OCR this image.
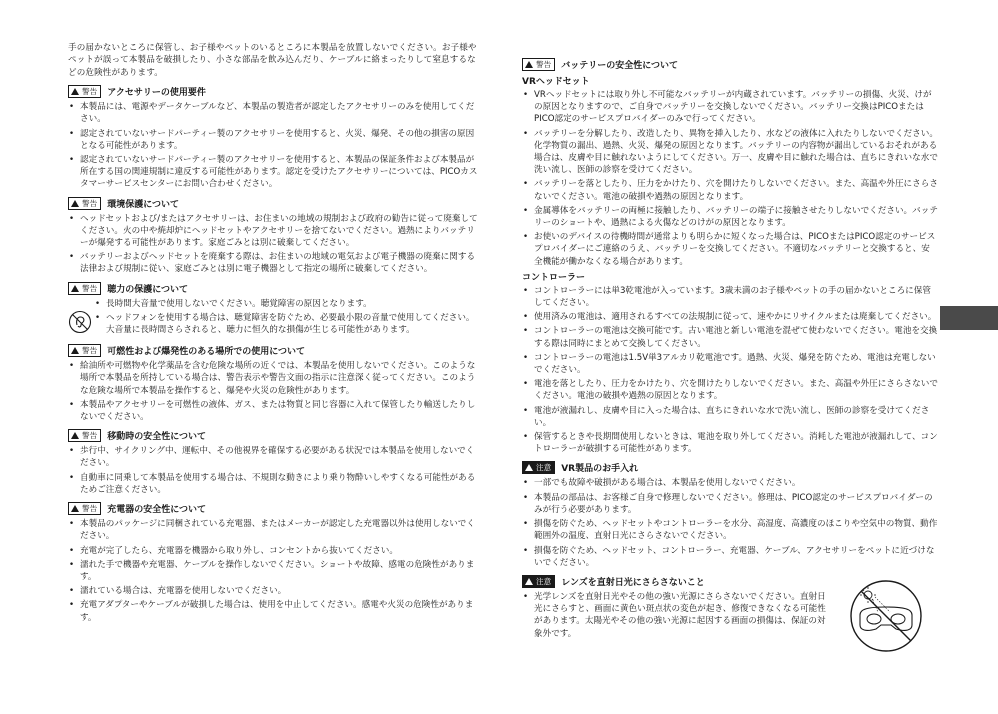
手の届かないところに保管し、お子様やペットのいるところに本製品を放置しないでください。お子様やペットが誤って本製品を破損したり、小さな部品を飲み込んだり、ケーブルに絡まったりして窒息するなどの危険性があります。

警告 アクセサリーの使用要件
• 本製品には、電源やデータケーブルなど、本製品の製造者が認定したアクセサリーのみを使用してください。
• 認定されていないサードパーティー製のアクセサリーを使用すると、火災、爆発、その他の損害の原因となる可能性があります。
• 認定されていないサードパーティー製のアクセサリーを使用すると、本製品の保証条件および本製品が所在する国の関連規制に違反する可能性があります。認定を受けたアクセサリーについては、PICOカスタマーサービスセンターにお問い合わせください。
警告 環境保護について
• ヘッドセットおよび/またはアクセサリーは、お住まいの地域の規制および政府の勧告に従って廃棄してください。火の中や焼却炉にヘッドセットやアクセサリーを捨てないでください。過熱によりバッテリーが爆発する可能性があります。家庭ごみとは別に破棄してください。
• バッテリーおよびヘッドセットを廃棄する際は、お住まいの地域の電気および電子機器の廃棄に関する法律および規制に従い、家庭ごみとは別に電子機器として指定の場所に破棄してください。
警告 聴力の保護について
• 長時間大音量で使用しないでください。聴覚障害の原因となります。
• ヘッドフォンを使用する場合は、聴覚障害を防ぐため、必要最小限の音量で使用してください。大音量に長時間さらされると、聴力に恒久的な損傷が生じる可能性があります。
警告 可燃性および爆発性のある場所での使用について
• 給油所や可燃物や化学薬品を含む危険な場所の近くでは、本製品を使用しないでください。このような場所で本製品を所持している場合は、警告表示や警告文面の指示に注意深く従ってください。このような危険な場所で本製品を操作すると、爆発や火災の危険性があります。
• 本製品やアクセサリーを可燃性の液体、ガス、または物質と同じ容器に入れて保管したり輸送したりしないでください。
警告 移動時の安全性について
• 歩行中、サイクリング中、運転中、その他視界を確保する必要がある状況では本製品を使用しないでください。
• 自動車に同乗して本製品を使用する場合は、不規則な動きにより乗り物酔いしやすくなる可能性があるためご注意ください。
警告 充電器の安全性について
• 本製品のパッケージに同梱されている充電器、またはメーカーが認定した充電器以外は使用しないでください。
• 充電が完了したら、充電器を機器から取り外し、コンセントから抜いてください。
• 濡れた手で機器や充電器、ケーブルを操作しないでください。ショートや故障、感電の危険性があります。
• 濡れている場合は、充電器を使用しないでください。
• 充電アダプターやケーブルが破損した場合は、使用を中止してください。感電や火災の危険性があります。
警告 バッテリーの安全性について
VRヘッドセット
• VRヘッドセットには取り外し不可能なバッテリーが内蔵されています。バッテリーの損傷、火災、けがの原因となりますので、ご自身でバッテリーを交換しないでください。バッテリー交換はPICOまたはPICO認定のサービスプロバイダーのみで行ってください。
• バッテリーを分解したり、改造したり、異物を挿入したり、水などの液体に入れたりしないでください。化学物質の漏出、過熱、火災、爆発の原因となります。バッテリーの内容物が漏出しているおそれがある場合は、皮膚や目に触れないようにしてください。万一、皮膚や目に触れた場合は、直ちにきれいな水で洗い流し、医師の診察を受けてください。
• バッテリーを落としたり、圧力をかけたり、穴を開けたりしないでください。また、高温や外圧にさらさないでください。電池の破損や過熱の原因となります。
• 金属導体をバッテリーの両極に接触したり、バッテリーの端子に接触させたりしないでください。バッテリーのショートや、過熱による火傷などのけがの原因となります。
• お使いのデバイスの待機時間が通常よりも明らかに短くなった場合は、PICOまたはPICO認定のサービスプロバイダーにご連絡のうえ、バッテリーを交換してください。不適切なバッテリーと交換すると、安全機能が働かなくなる場合があります。
コントローラー
• コントローラーには単3乾電池が入っています。3歳未満のお子様やペットの手の届かないところに保管してください。
• 使用済みの電池は、適用されるすべての法規制に従って、速やかにリサイクルまたは廃棄してください。
• コントローラーの電池は交換可能です。古い電池と新しい電池を混ぜて使わないでください。電池を交換する際は同時にまとめて交換してください。
• コントローラーの電池は1.5V単3アルカリ乾電池です。過熱、火災、爆発を防ぐため、電池は充電しないでください。
• 電池を落としたり、圧力をかけたり、穴を開けたりしないでください。また、高温や外圧にさらさないでください。電池の破損や過熱の原因となります。
• 電池が液漏れし、皮膚や目に入った場合は、直ちにきれいな水で洗い流し、医師の診察を受けてください。
• 保管するときや長期間使用しないときは、電池を取り外してください。消耗した電池が液漏れして、コントローラーが破損する可能性があります。
注意 VR製品のお手入れ
• 一部でも故障や破損がある場合は、本製品を使用しないでください。
• 本製品の部品は、お客様ご自身で修理しないでください。修理は、PICO認定のサービスプロバイダーのみが行う必要があります。
• 損傷を防ぐため、ヘッドセットやコントローラーを水分、高湿度、高濃度のほこりや空気中の物質、動作範囲外の温度、直射日光にさらさないでください。
• 損傷を防ぐため、ヘッドセット、コントローラー、充電器、ケーブル、アクセサリーをペットに近づけないでください。
注意 レンズを直射日光にさらさないこと
• 光学レンズを直射日光やその他の強い光源にさらさないでください。直射日光にさらすと、画面に黄色い斑点状の変色が起き、修復できなくなる可能性があります。太陽光やその他の強い光源に起因する画面の損傷は、保証の対象外です。
